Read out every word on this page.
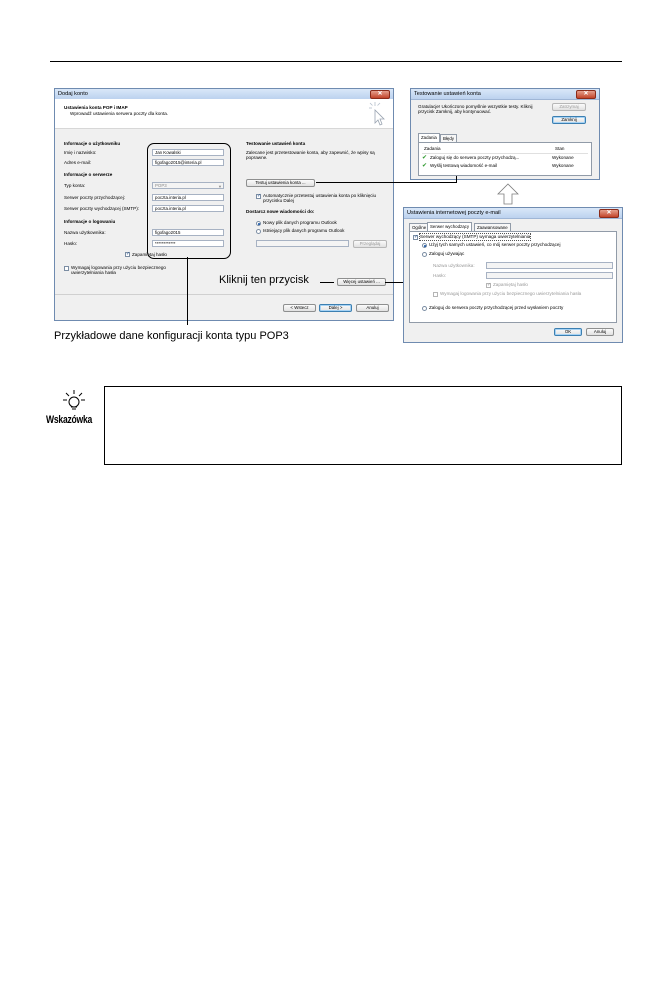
Dodaj konto	✕
Ustawienia konta POP i IMAP
Wprowadź ustawienia serwera poczty dla konta.
Informacje o użytkowniku
Imię i nazwisko:	Jan Kowalski
Adres e-mail:	figofago2015@interia.pl
Informacje o serwerze
Typ konta:	POP3	▼
Serwer poczty przychodzącej:	poczta.interia.pl
Serwer poczty wychodzącej (SMTP):	poczta.interia.pl
Informacje o logowaniu
Nazwa użytkownika:	figofago2015
Hasło:	************
✓ Zapamiętaj hasło
Wymagaj logowania przy użyciu bezpiecznego uwierzytelniania hasła
Testowanie ustawień konta
Zalecane jest przetestowanie konta, aby zapewnić, że wpisy są poprawne.
Testuj ustawienia konta ...
✓ Automatycznie przetestuj ustawienia konta po kliknięciu przycisku Dalej
Dostarcz nowe wiadomości do:
Nowy plik danych programu Outlook
Istniejący plik danych programu Outlook
Przeglądaj
Więcej ustawień ...
< Wstecz	Dalej >	Anuluj
Testowanie ustawień konta	✕
Gratulacje! Ukończono pomyślnie wszystkie testy. Kliknij przycisk Zamknij, aby kontynuować.
Zatrzymaj
Zamknij
Zadania	Błędy
Zadania	Stan
✔ Zaloguj się do serwera poczty przychodzą...	Wykonane
✔ Wyślij testową wiadomość e-mail	Wykonane
Ustawienia internetowej poczty e-mail	✕
Ogólne Serwer wychodzący	Zaawansowane
✓ Serwer wychodzący (SMTP) wymaga uwierzytelniania
Użyj tych samych ustawień, co mój serwer poczty przychodzącej
Zaloguj używając
Nazwa użytkownika:
Hasło:
✓ Zapamiętaj hasło
Wymagaj logowania przy użyciu bezpiecznego uwierzytelniania hasła
Zaloguj do serwera poczty przychodzącej przed wysłaniem poczty
OK	Anuluj
Kliknij ten przycisk
Przykładowe dane konfiguracji konta typu POP3
Wskazówka
